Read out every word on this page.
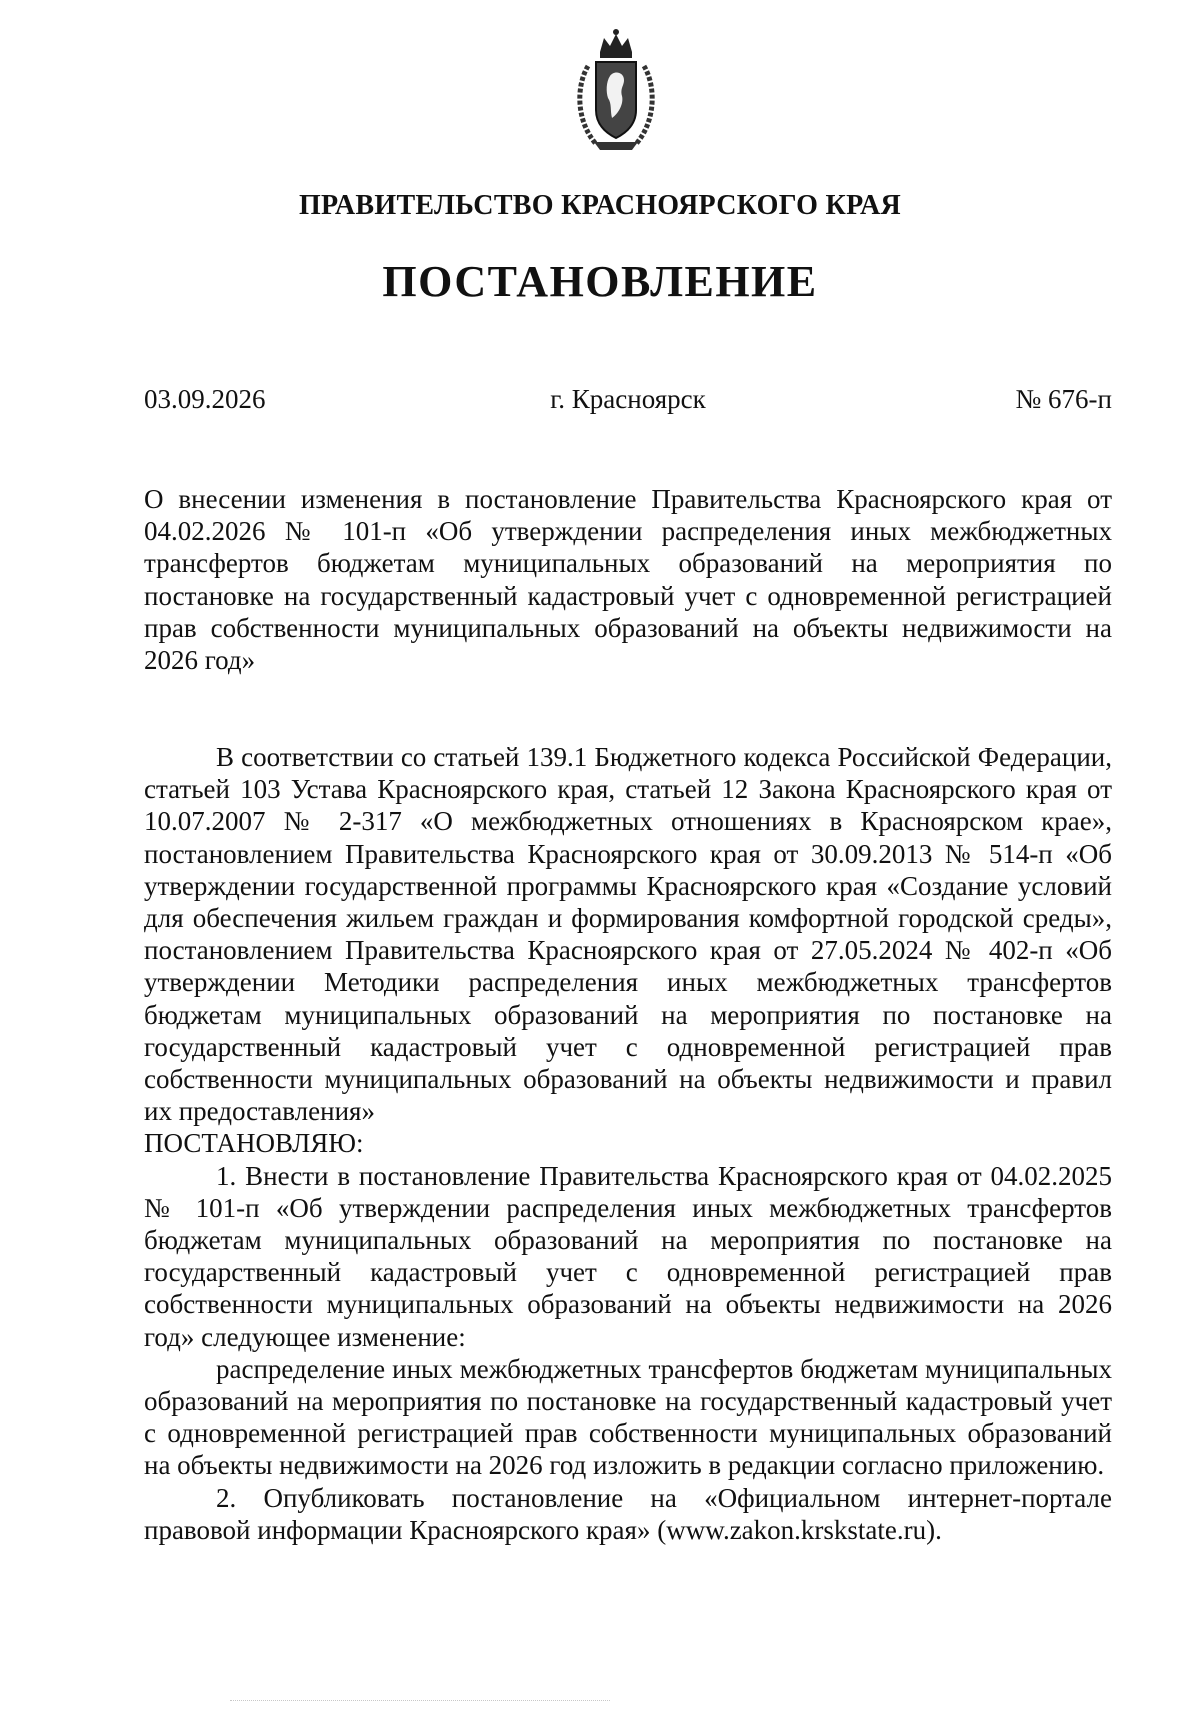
ПРАВИТЕЛЬСТВО КРАСНОЯРСКОГО КРАЯ
ПОСТАНОВЛЕНИЕ
03.09.2026	г. Красноярск	№ 676-п

О внесении изменения в постановление Правительства Красноярского края от 04.02.2026 № 101-п «Об утверждении распределения иных межбюджетных трансфертов бюджетам муниципальных образований на мероприятия по постановке на государственный кадастровый учет с одновременной регистрацией прав собственности муниципальных образований на объекты недвижимости на 2026 год»

В соответствии со статьей 139.1 Бюджетного кодекса Российской Федерации, статьей 103 Устава Красноярского края, статьей 12 Закона Красноярского края от 10.07.2007 № 2-317 «О межбюджетных отношениях в Красноярском крае», постановлением Правительства Красноярского края от 30.09.2013 № 514-п «Об утверждении государственной программы Красноярского края «Создание условий для обеспечения жильем граждан и формирования комфортной городской среды», постановлением Правительства Красноярского края от 27.05.2024 № 402-п «Об утверждении Методики распределения иных межбюджетных трансфертов бюджетам муниципальных образований на мероприятия по постановке на государственный кадастровый учет с одновременной регистрацией прав собственности муниципальных образований на объекты недвижимости и правил их предоставления»

ПОСТАНОВЛЯЮ:

1. Внести в постановление Правительства Красноярского края от 04.02.2025 № 101-п «Об утверждении распределения иных межбюджетных трансфертов бюджетам муниципальных образований на мероприятия по постановке на государственный кадастровый учет с одновременной регистрацией прав собственности муниципальных образований на объекты недвижимости на 2026 год» следующее изменение:

распределение иных межбюджетных трансфертов бюджетам муниципальных образований на мероприятия по постановке на государственный кадастровый учет с одновременной регистрацией прав собственности муниципальных образований на объекты недвижимости на 2026 год изложить в редакции согласно приложению.

2. Опубликовать постановление на «Официальном интернет-портале правовой информации Красноярского края» (www.zakon.krskstate.ru).
